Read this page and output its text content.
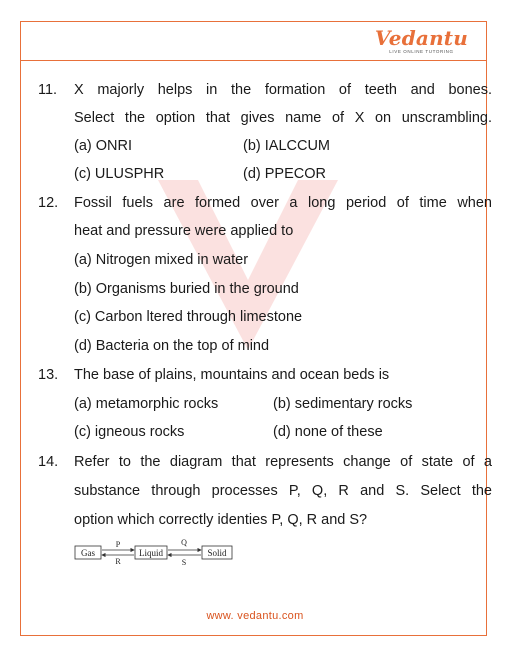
Vedantu
LIVE ONLINE TUTORING
11.	X majorly helps in the formation of teeth and bones.
Select the option that gives name of X on unscrambling.
(a) ONRI	(b) IALCCUM
(c) ULUSPHR	(d) PPECOR
12.	Fossil fuels are formed over a long period of time when
heat and pressure were applied to
(a) Nitrogen mixed in water
(b) Organisms buried in the ground
(c) Carbon ltered through limestone
(d) Bacteria on the top of mind
13.	The base of plains, mountains and ocean beds is
(a) metamorphic rocks	(b) sedimentary rocks
(c) igneous rocks	(d) none of these
14.	Refer to the diagram that represents change of state of a
substance through processes P, Q, R and S. Select the
option which correctly identies P, Q, R and S?
Gas	Liquid	Solid
P
R
Q
S
www. vedantu.com
